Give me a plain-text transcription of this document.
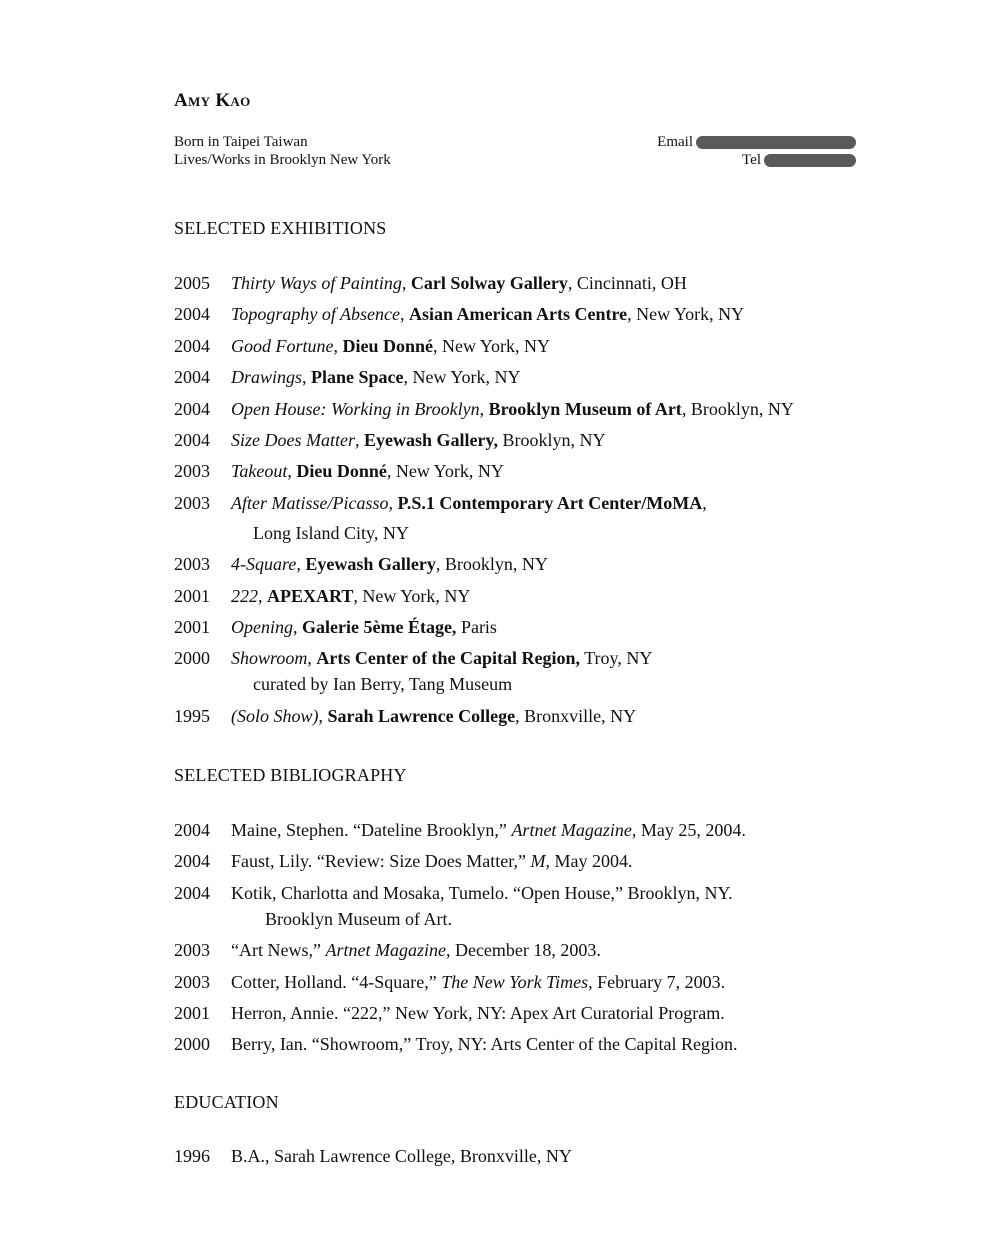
Amy Kao
Born in Taipei Taiwan
Lives/Works in Brooklyn New York
Email
Tel
SELECTED EXHIBITIONS
2005	Thirty Ways of Painting, Carl Solway Gallery, Cincinnati, OH
2004	Topography of Absence, Asian American Arts Centre, New York, NY
2004	Good Fortune, Dieu Donné, New York, NY
2004	Drawings, Plane Space, New York, NY
2004	Open House: Working in Brooklyn, Brooklyn Museum of Art, Brooklyn, NY
2004	Size Does Matter, Eyewash Gallery, Brooklyn, NY
2003	Takeout, Dieu Donné, New York, NY
2003	After Matisse/Picasso, P.S.1 Contemporary Art Center/MoMA,
Long Island City, NY
2003	4-Square, Eyewash Gallery, Brooklyn, NY
2001	222, APEXART, New York, NY
2001	Opening, Galerie 5ème Étage, Paris
2000	Showroom, Arts Center of the Capital Region, Troy, NY
curated by Ian Berry, Tang Museum
1995	(Solo Show), Sarah Lawrence College, Bronxville, NY
SELECTED BIBLIOGRAPHY
2004	Maine, Stephen. “Dateline Brooklyn,” Artnet Magazine, May 25, 2004.
2004	Faust, Lily. “Review: Size Does Matter,” M, May 2004.
2004	Kotik, Charlotta and Mosaka, Tumelo. “Open House,” Brooklyn, NY.
Brooklyn Museum of Art.
2003	“Art News,” Artnet Magazine, December 18, 2003.
2003	Cotter, Holland. “4-Square,” The New York Times, February 7, 2003.
2001	Herron, Annie. “222,” New York, NY: Apex Art Curatorial Program.
2000	Berry, Ian. “Showroom,” Troy, NY: Arts Center of the Capital Region.
EDUCATION
1996	B.A., Sarah Lawrence College, Bronxville, NY
